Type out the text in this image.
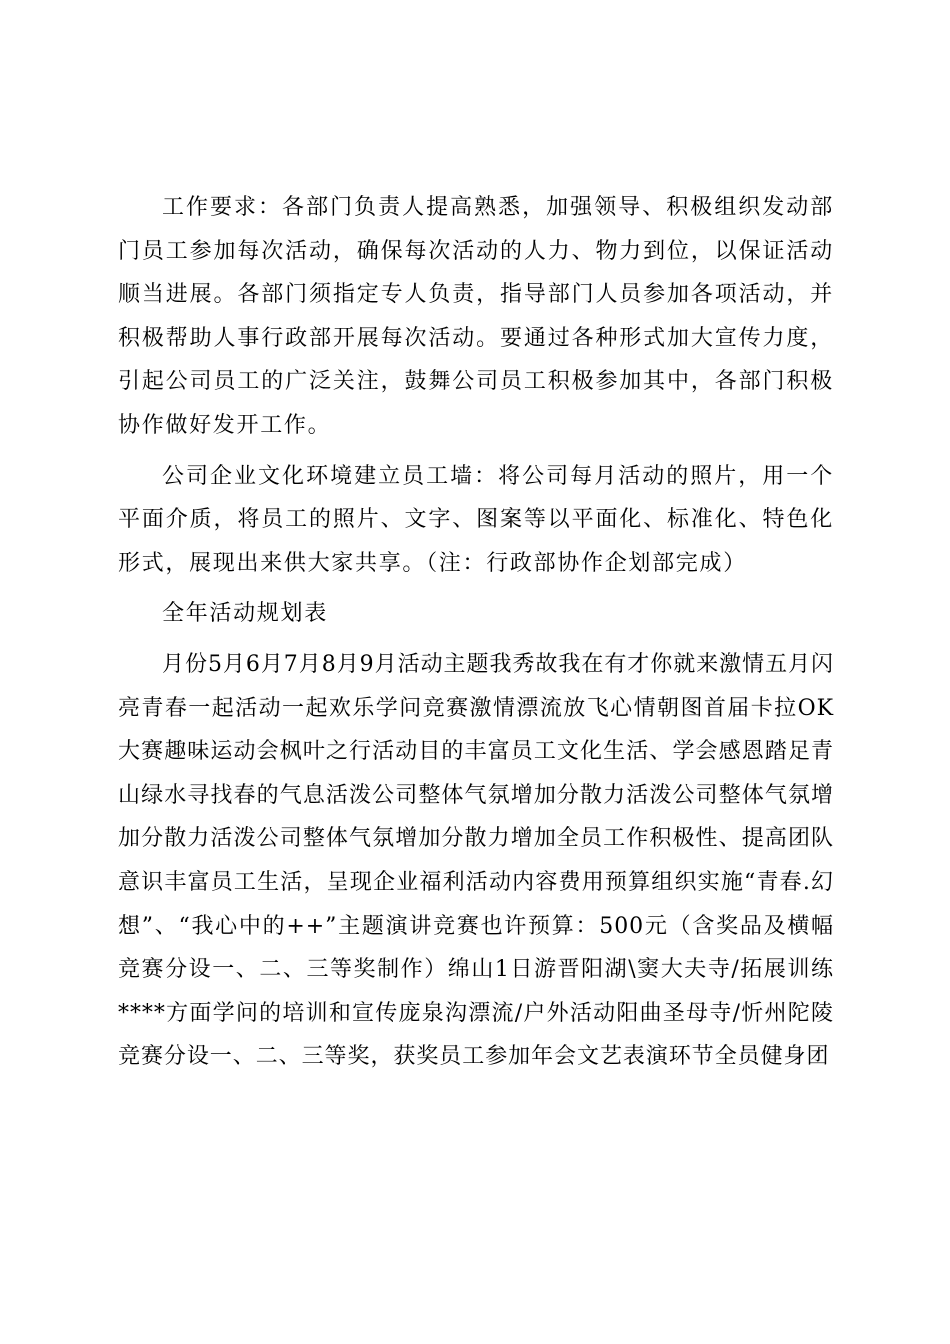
工作要求：各部门负责人提高熟悉，加强领导、积极组织发动部门员工参加每次活动，确保每次活动的人力、物力到位，以保证活动顺当进展。各部门须指定专人负责，指导部门人员参加各项活动，并积极帮助人事行政部开展每次活动。要通过各种形式加大宣传力度，引起公司员工的广泛关注，鼓舞公司员工积极参加其中，各部门积极协作做好发开工作。

公司企业文化环境建立员工墙：将公司每月活动的照片，用一个平面介质，将员工的照片、文字、图案等以平面化、标准化、特色化形式，展现出来供大家共享。（注：行政部协作企划部完成）

全年活动规划表

月份5月6月7月8月9月活动主题我秀故我在有才你就来激情五月闪亮青春一起活动一起欢乐学问竞赛激情漂流放飞心情朝图首届卡拉OK大赛趣味运动会枫叶之行活动目的丰富员工文化生活、学会感恩踏足青山绿水寻找春的气息活泼公司整体气氛增加分散力活泼公司整体气氛增加分散力活泼公司整体气氛增加分散力增加全员工作积极性、提高团队意识丰富员工生活，呈现企业福利活动内容费用预算组织实施“青春.幻想”、“我心中的++”主题演讲竞赛也许预算：500元（含奖品及横幅竞赛分设一、二、三等奖制作）绵山1日游晋阳湖\窦大夫寺/拓展训练****方面学问的培训和宣传庞泉沟漂流/户外活动阳曲圣母寺/忻州陀陵竞赛分设一、二、三等奖，获奖员工参加年会文艺表演环节全员健身团
